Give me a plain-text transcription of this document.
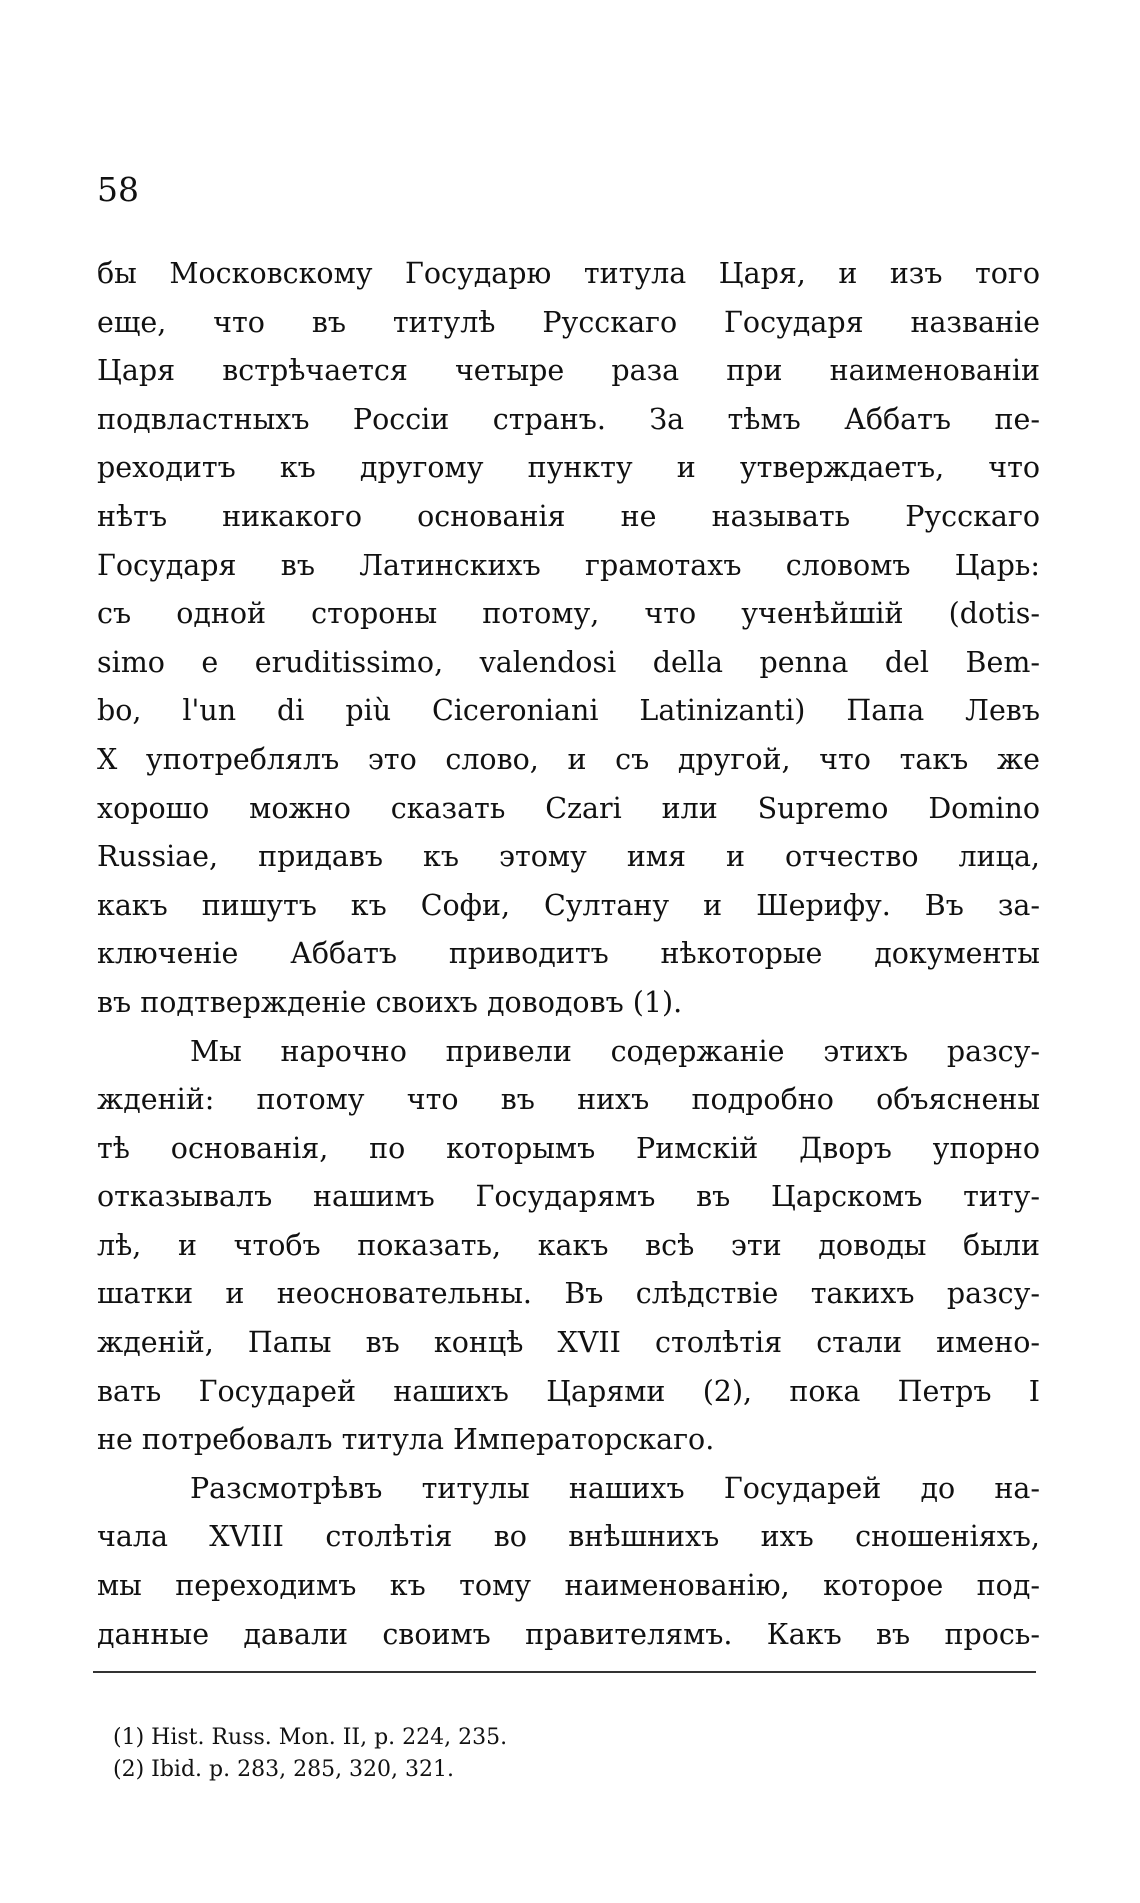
58
бы Московскому Государю титула Царя, и изъ того
еще, что въ титулѣ Русскаго Государя названіе
Царя встрѣчается четыре раза при наименованіи
подвластныхъ Россіи странъ. За тѣмъ Аббатъ пе-
реходитъ къ другому пункту и утверждаетъ, что
нѣтъ никакого основанія не называть Русскаго
Государя въ Латинскихъ грамотахъ словомъ Царь:
съ одной стороны потому, что ученѣйшій (dotis-
simo e eruditissimo, valendosi della penna del Bem-
bo, l'un di più Ciceroniani Latinizanti) Папа Левъ
X употреблялъ это слово, и съ другой, что такъ же
хорошо можно сказать Czari или Supremo Domino
Russiae, придавъ къ этому имя и отчество лица,
какъ пишутъ къ Софи, Султану и Шерифу. Въ за-
ключеніе Аббатъ приводитъ нѣкоторые документы
въ подтвержденіе своихъ доводовъ (1).
Мы нарочно привели содержаніе этихъ разсу-
жденій: потому что въ нихъ подробно объяснены
тѣ основанія, по которымъ Римскій Дворъ упорно
отказывалъ нашимъ Государямъ въ Царскомъ титу-
лѣ, и чтобъ показать, какъ всѣ эти доводы были
шатки и неосновательны. Въ слѣдствіе такихъ разсу-
жденій, Папы въ концѣ XVII столѣтія стали имено-
вать Государей нашихъ Царями (2), пока Петръ I
не потребовалъ титула Императорскаго.
Разсмотрѣвъ титулы нашихъ Государей до на-
чала XVIII столѣтія во внѣшнихъ ихъ сношеніяхъ,
мы переходимъ къ тому наименованію, которое под-
данные давали своимъ правителямъ. Какъ въ прось-
(1) Hist. Russ. Mon. II, p. 224, 235.
(2) Ibid. p. 283, 285, 320, 321.
